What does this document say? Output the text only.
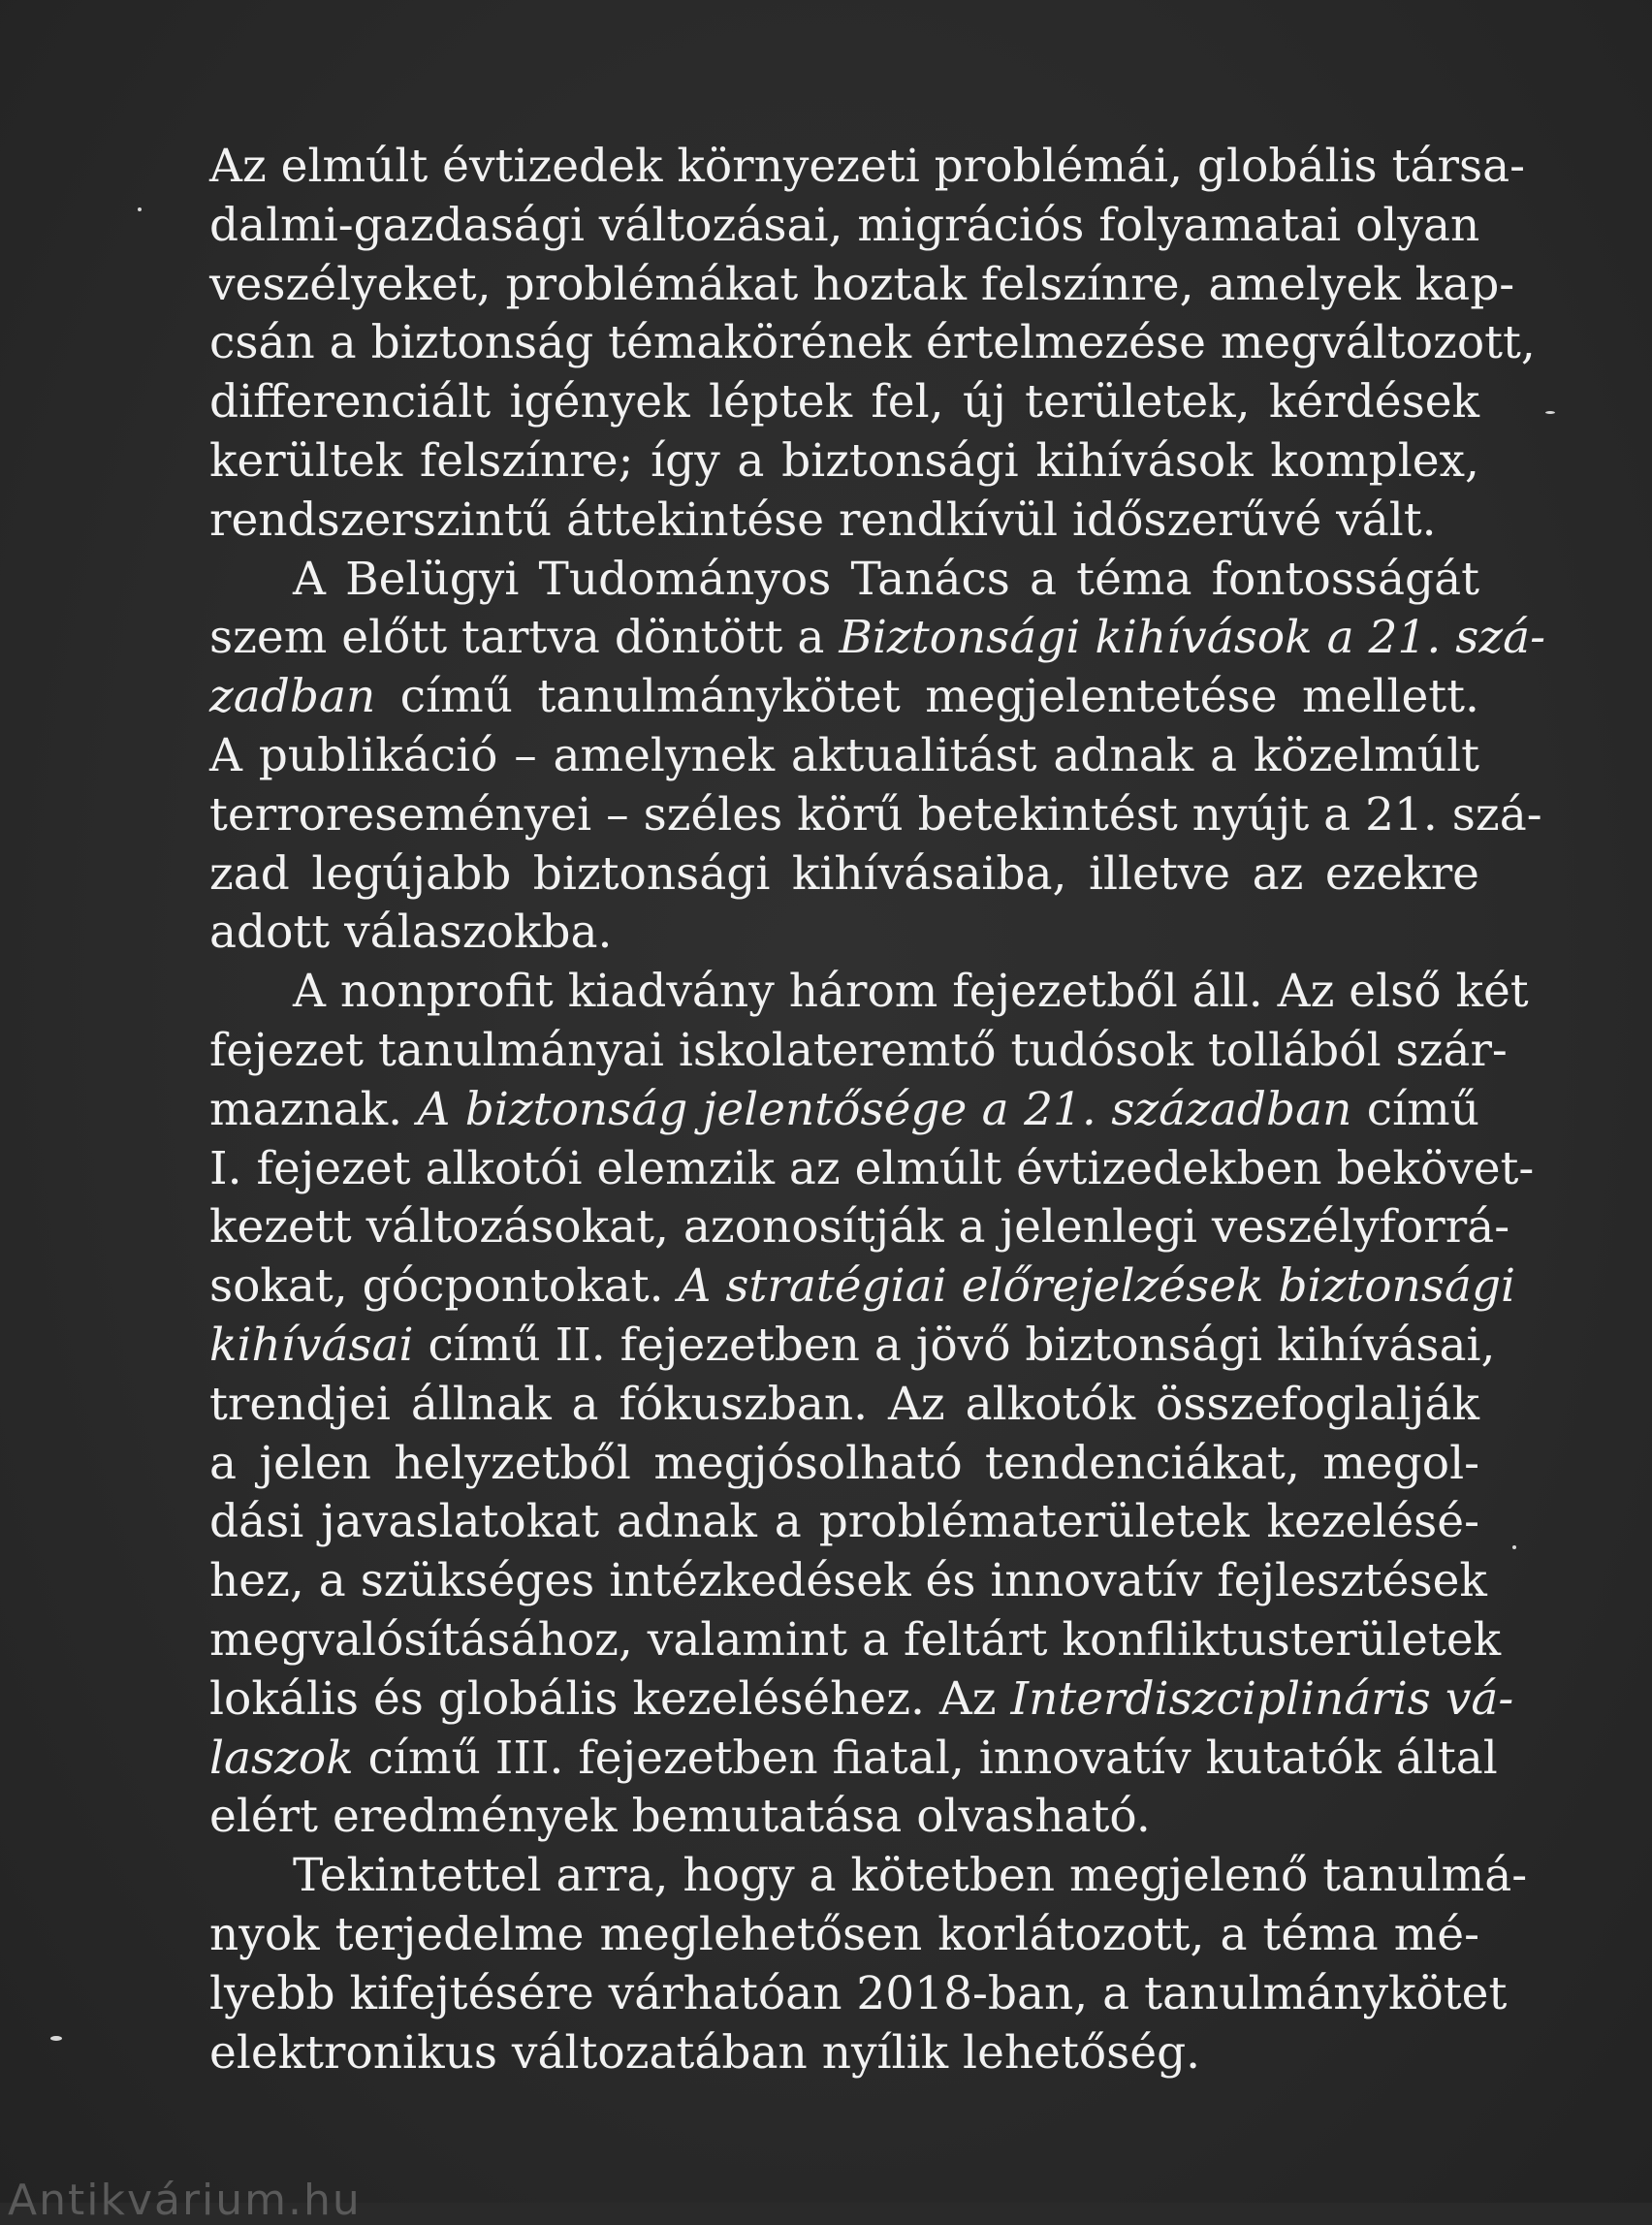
Az elmúlt évtizedek környezeti problémái, globális társa-
dalmi-gazdasági változásai, migrációs folyamatai olyan
veszélyeket, problémákat hoztak felszínre, amelyek kap-
csán a biztonság témakörének értelmezése megváltozott,
differenciált igények léptek fel, új területek, kérdések
kerültek felszínre; így a biztonsági kihívások komplex,
rendszerszintű áttekintése rendkívül időszerűvé vált.
A Belügyi Tudományos Tanács a téma fontosságát
szem előtt tartva döntött a Biztonsági kihívások a 21. szá-
zadban című tanulmánykötet megjelentetése mellett.
A publikáció – amelynek aktualitást adnak a közelmúlt
terroreseményei – széles körű betekintést nyújt a 21. szá-
zad legújabb biztonsági kihívásaiba, illetve az ezekre
adott válaszokba.
A nonprofit kiadvány három fejezetből áll. Az első két
fejezet tanulmányai iskolateremtő tudósok tollából szár-
maznak. A biztonság jelentősége a 21. században című
I. fejezet alkotói elemzik az elmúlt évtizedekben bekövet-
kezett változásokat, azonosítják a jelenlegi veszélyforrá-
sokat, gócpontokat. A stratégiai előrejelzések biztonsági
kihívásai című II. fejezetben a jövő biztonsági kihívásai,
trendjei állnak a fókuszban. Az alkotók összefoglalják
a jelen helyzetből megjósolható tendenciákat, megol-
dási javaslatokat adnak a problématerületek kezelésé-
hez, a szükséges intézkedések és innovatív fejlesztések
megvalósításához, valamint a feltárt konfliktusterületek
lokális és globális kezeléséhez. Az Interdiszciplináris vá-
laszok című III. fejezetben fiatal, innovatív kutatók által
elért eredmények bemutatása olvasható.
Tekintettel arra, hogy a kötetben megjelenő tanulmá-
nyok terjedelme meglehetősen korlátozott, a téma mé-
lyebb kifejtésére várhatóan 2018-ban, a tanulmánykötet
elektronikus változatában nyílik lehetőség.
Antikvárium.hu
